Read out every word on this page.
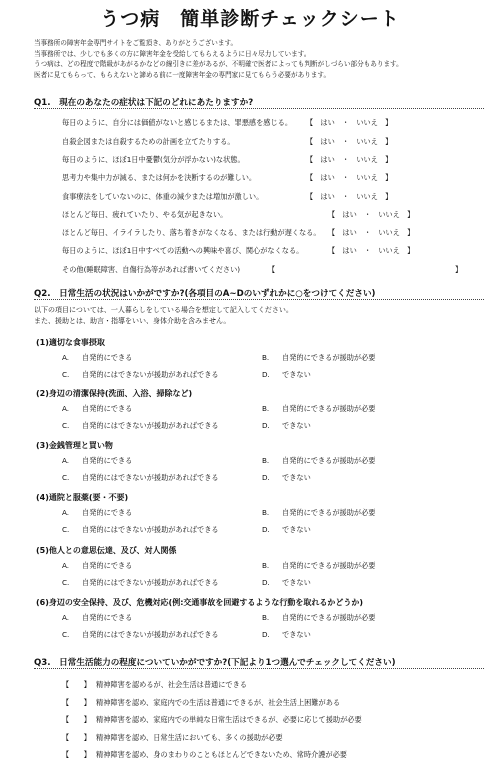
うつ病　簡単診断チェックシート
当事務所の障害年金専門サイトをご覧頂き、ありがとうございます。
当事務所では、少しでも多くの方に障害年金を受給してもらえるように日々尽力しています。
うつ病は、どの程度で階級があがるかなどの線引きに差があるが、不明確で医者によっても判断がしづらい部分もあります。
医者に見てもらって、もらえないと諦める前に一度障害年金の専門家に見てもらう必要があります。
Q1.　現在のあなたの症状は下記のどれにあたりますか?
毎日のように、自分には価値がないと感じるまたは、罪悪感を感じる。 【　はい　・　いいえ　】
自殺企図または自殺するための計画を立てたりする。	【　はい　・　いいえ　】
毎日のように、ほぼ1日中憂鬱(気分が浮かない)な状態。	【　はい　・　いいえ　】
思考力や集中力が減る、または何かを決断するのが難しい。	【　はい　・　いいえ　】
食事療法をしていないのに、体重の減少または増加が激しい。	【　はい　・　いいえ　】
ほとんど毎日、疲れていたり、やる気が起きない。	【　はい　・　いいえ　】
ほとんど毎日、イライラしたり、落ち着きがなくなる、または行動が遅くなる。 【　はい　・　いいえ　】
毎日のように、ほぼ1日中すべての活動への興味や喜び、関心がなくなる。	【　はい　・　いいえ　】
その他(睡眠障害、自傷行為等があれば書いてください)	【	】
Q2.　日常生活の状況はいかがですか?(各項目のA~Dのいずれかに○をつけてください)
以下の項目については、一人暮らしをしている場合を想定して記入してください。
また、援助とは、助言・指導をいい、身体介助を含みません。
(1)適切な食事摂取
A. 自発的にできる	B. 自発的にできるが援助が必要
C. 自発的にはできないが援助があればできる	D. できない
(2)身辺の清潔保持(洗面、入浴、掃除など)
A. 自発的にできる	B. 自発的にできるが援助が必要
C. 自発的にはできないが援助があればできる	D. できない
(3)金銭管理と買い物
A. 自発的にできる	B. 自発的にできるが援助が必要
C. 自発的にはできないが援助があればできる	D. できない
(4)通院と服薬(要・不要)
A. 自発的にできる	B. 自発的にできるが援助が必要
C. 自発的にはできないが援助があればできる	D. できない
(5)他人との意思伝達、及び、対人関係
A. 自発的にできる	B. 自発的にできるが援助が必要
C. 自発的にはできないが援助があればできる	D. できない
(6)身辺の安全保持、及び、危機対応(例:交通事故を回避するような行動を取れるかどうか)
A. 自発的にできる	B. 自発的にできるが援助が必要
C. 自発的にはできないが援助があればできる	D. できない
Q3.　日常生活能力の程度についていかがですか?(下記より1つ選んでチェックしてください)
【　　】 精神障害を認めるが、社会生活は普通にできる
【　　】 精神障害を認め、家庭内での生活は普通にできるが、社会生活上困難がある
【　　】 精神障害を認め、家庭内での単純な日常生活はできるが、必要に応じて援助が必要
【　　】 精神障害を認め、日常生活においても、多くの援助が必要
【　　】 精神障害を認め、身のまわりのこともほとんどできないため、常時介護が必要
